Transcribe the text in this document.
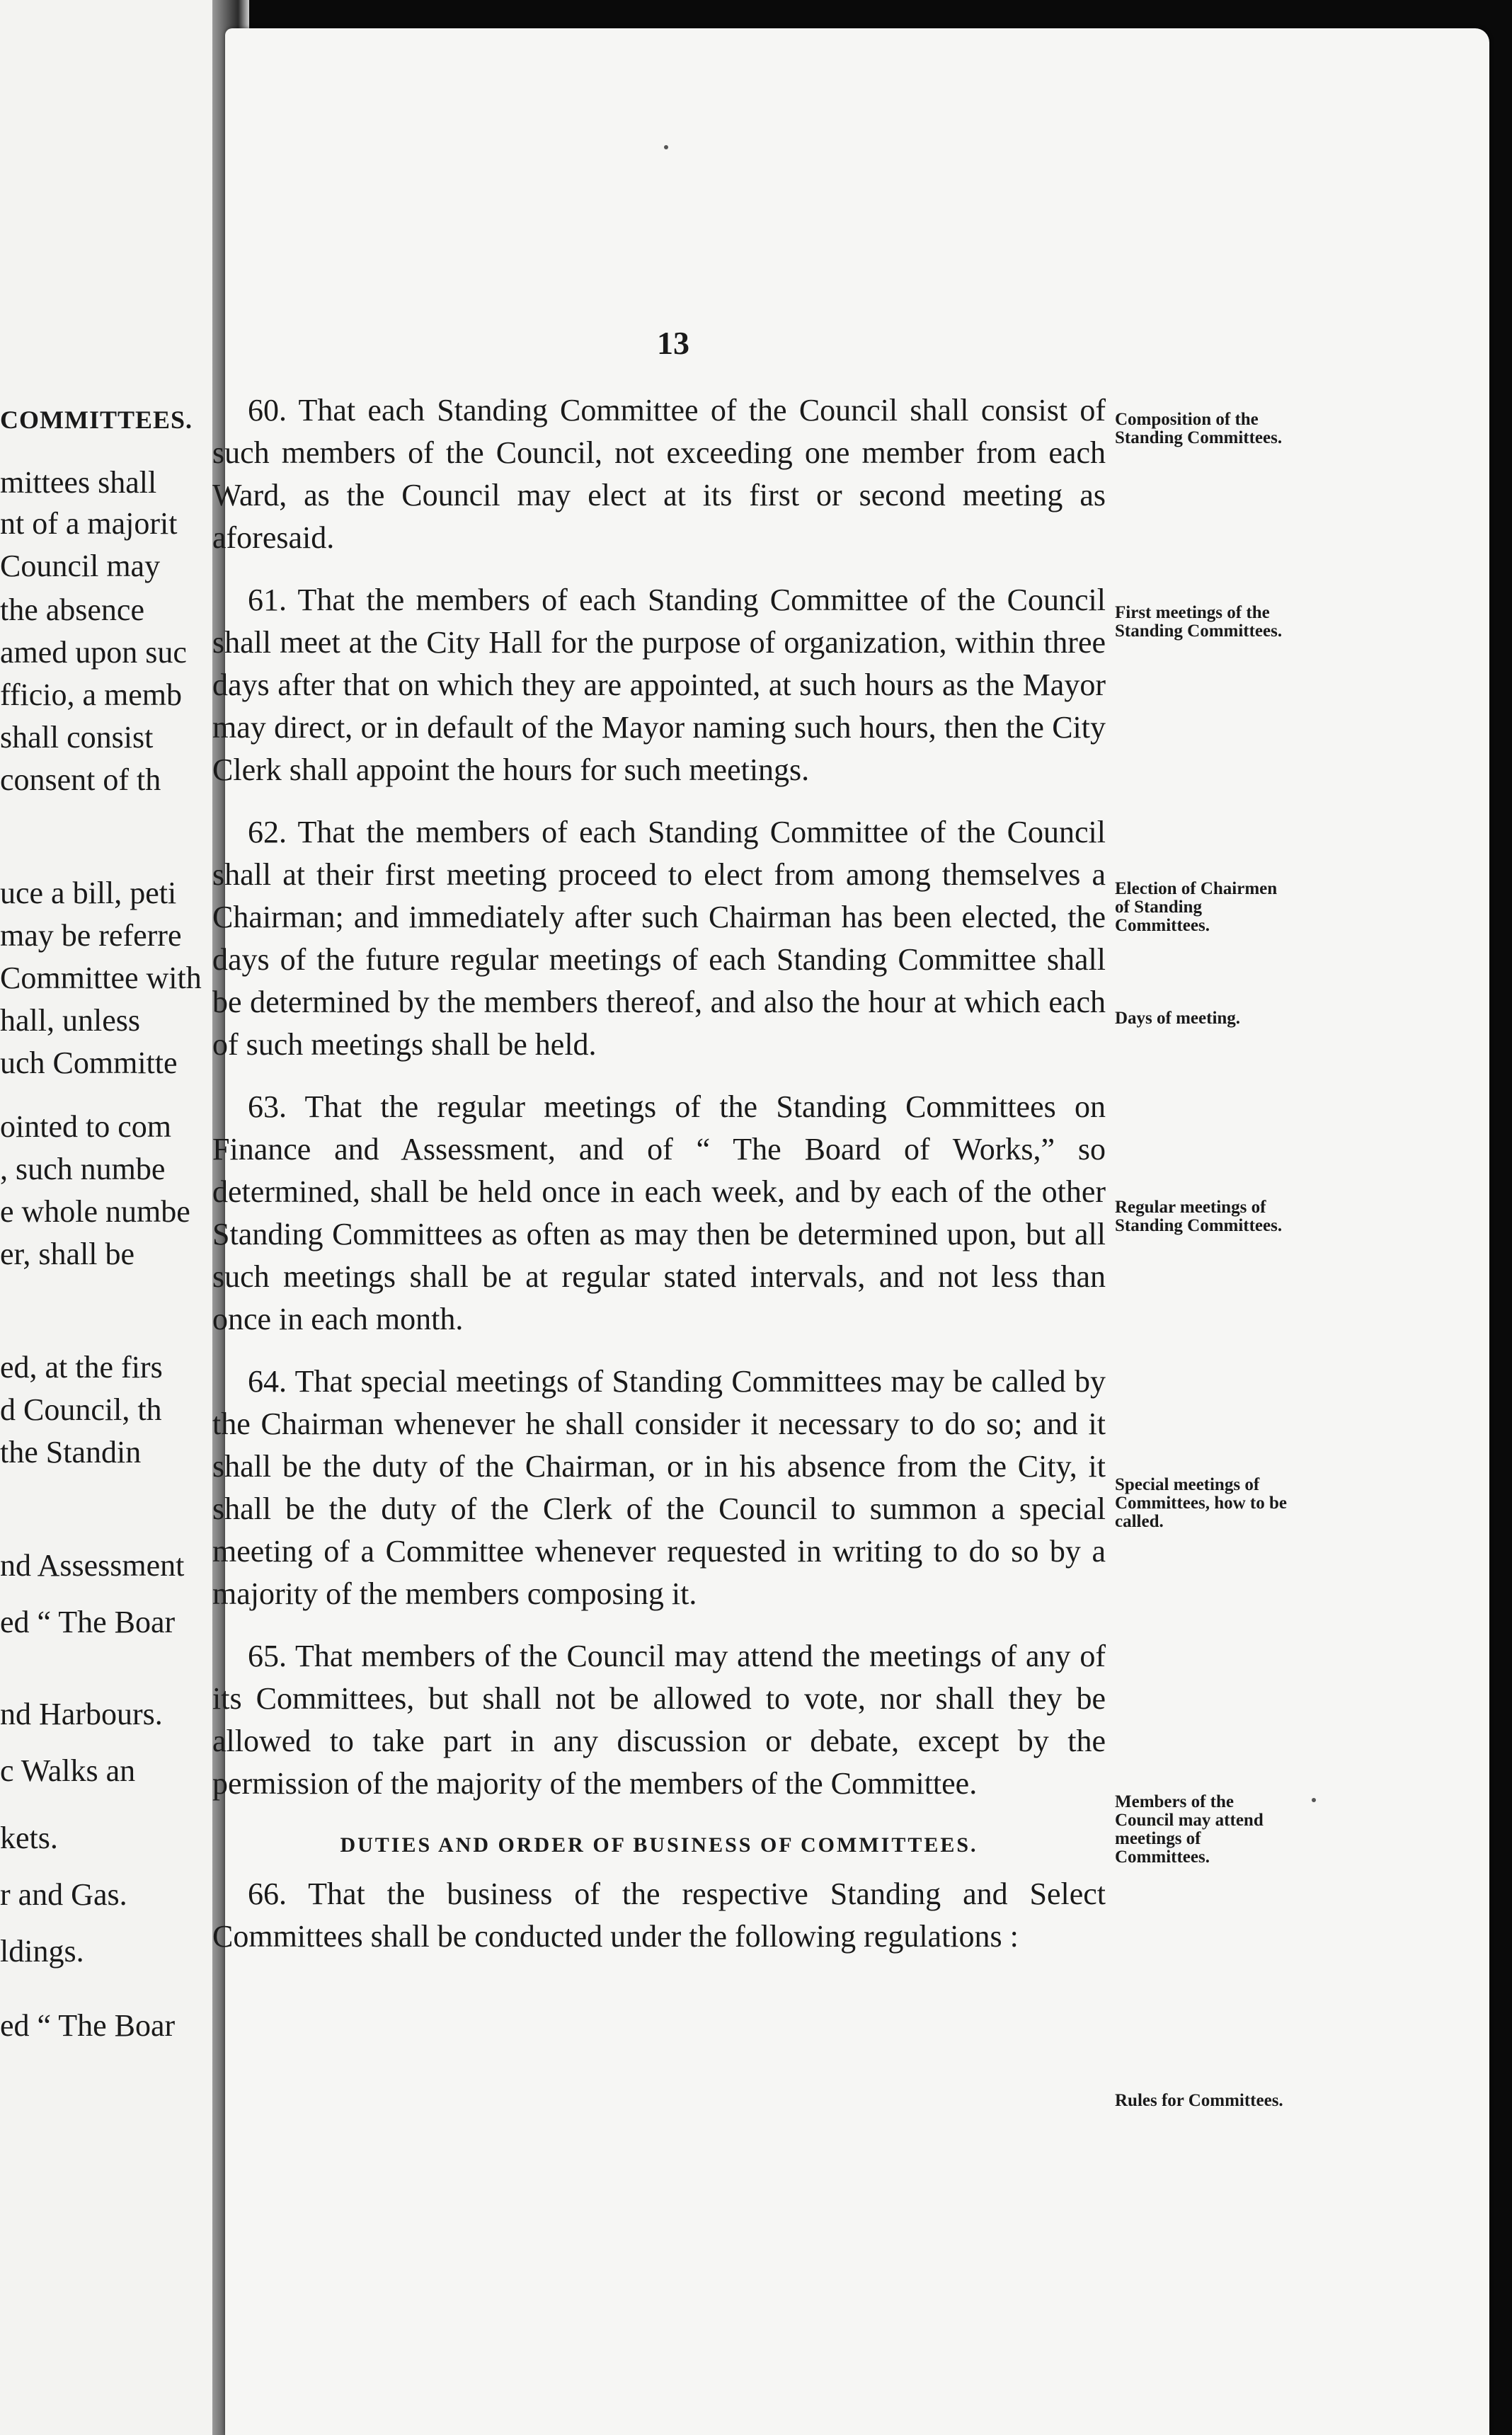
COMMITTEES.
mittees shall
nt of a majorit
Council may
the absence
amed upon suc
fficio, a memb
shall consist
consent of th
uce a bill, peti
may be referre
Committee with
hall, unless
uch Committe
ointed to com
, such numbe
e whole numbe
er, shall be
ed, at the firs
d Council, th
the Standin
nd Assessment
ed “ The Boar
nd Harbours.
c Walks an
kets.
r and Gas.
ldings.
ed “ The Boar
13

60. That each Standing Committee of the Council shall consist of such members of the Council, not exceeding one member from each Ward, as the Council may elect at its first or second meeting as aforesaid.

61. That the members of each Standing Committee of the Council shall meet at the City Hall for the purpose of organization, within three days after that on which they are appointed, at such hours as the Mayor may direct, or in default of the Mayor naming such hours, then the City Clerk shall appoint the hours for such meetings.

62. That the members of each Standing Committee of the Council shall at their first meeting proceed to elect from among themselves a Chairman; and immediately after such Chairman has been elected, the days of the future regular meetings of each Standing Committee shall be determined by the members thereof, and also the hour at which each of such meetings shall be held.

63. That the regular meetings of the Standing Committees on Finance and Assessment, and of “ The Board of Works,” so determined, shall be held once in each week, and by each of the other Standing Committees as often as may then be determined upon, but all such meetings shall be at regular stated intervals, and not less than once in each month.

64. That special meetings of Standing Committees may be called by the Chairman whenever he shall consider it necessary to do so; and it shall be the duty of the Chairman, or in his absence from the City, it shall be the duty of the Clerk of the Council to summon a special meeting of a Committee whenever requested in writing to do so by a majority of the members composing it.

65. That members of the Council may attend the meetings of any of its Committees, but shall not be allowed to vote, nor shall they be allowed to take part in any discussion or debate, except by the permission of the majority of the members of the Committee.

DUTIES AND ORDER OF BUSINESS OF COMMITTEES.

66. That the business of the respective Standing and Select Committees shall be conducted under the following regulations :

Composition of the Standing Committees.
First meetings of the Standing Committees.
Election of Chairmen of Standing Committees.
Days of meeting.
Regular meetings of Standing Committees.
Special meetings of Committees, how to be called.
Members of the Council may attend meetings of Committees.
Rules for Committees.
